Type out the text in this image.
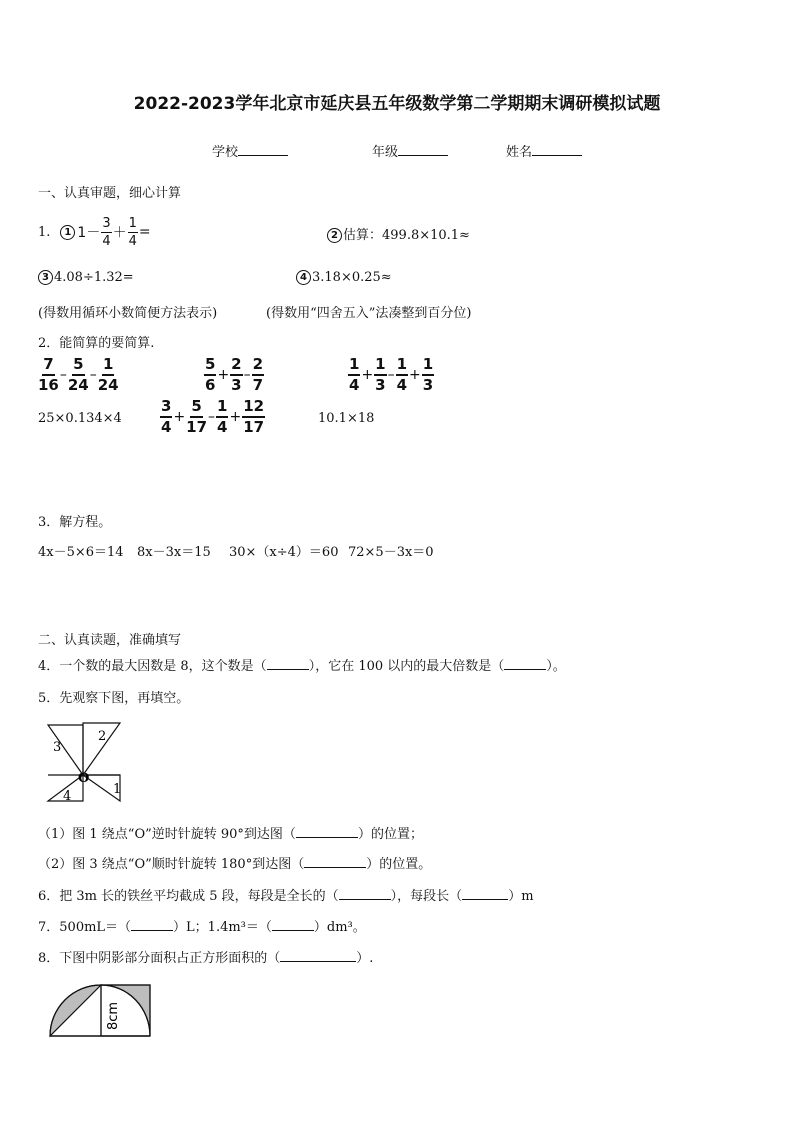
2022-2023学年北京市延庆县五年级数学第二学期期末调研模拟试题
学校	年级	姓名
一、认真审题，细心计算
1.	1 $1- \frac{3}{4} + \frac{1}{4}$ =	2 估算：499.8×10.1≈
3 4.08÷1.32=	4 3.18×0.25≈
(得数用循环小数简便方法表示)	(得数用“四舍五入”法凑整到百分位)
2．能简算的要简算.
$\frac{7}{16} - \frac{5}{24} - \frac{1}{24}$	$\frac{5}{6} + \frac{2}{3} - \frac{2}{7}$	$\frac{1}{4} + \frac{1}{3} - \frac{1}{4} + \frac{1}{3}$
25×0.134×4	$\frac{3}{4} + \frac{5}{17} - \frac{1}{4} + \frac{12}{17}$	10.1×18
3．解方程。
4x－5×6＝14 8x－3x＝15 30×（x÷4）＝60 72×5－3x＝0
二、认真读题，准确填写
4．一个数的最大因数是 8，这个数是（	），它在 100 以内的最大倍数是（	）。
5．先观察下图，再填空。
3
2
O
4	1
（1）图 1 绕点“O”逆时针旋转 90°到达图（	）的位置；
（2）图 3 绕点“O”顺时针旋转 180°到达图（	）的位置。
6．把 3m 长的铁丝平均截成 5 段，每段是全长的（	），每段长（	）m
7．500mL＝（	）L；1.4m³＝（	）dm³。
8．下图中阴影部分面积占正方形面积的（	）.
8cm
